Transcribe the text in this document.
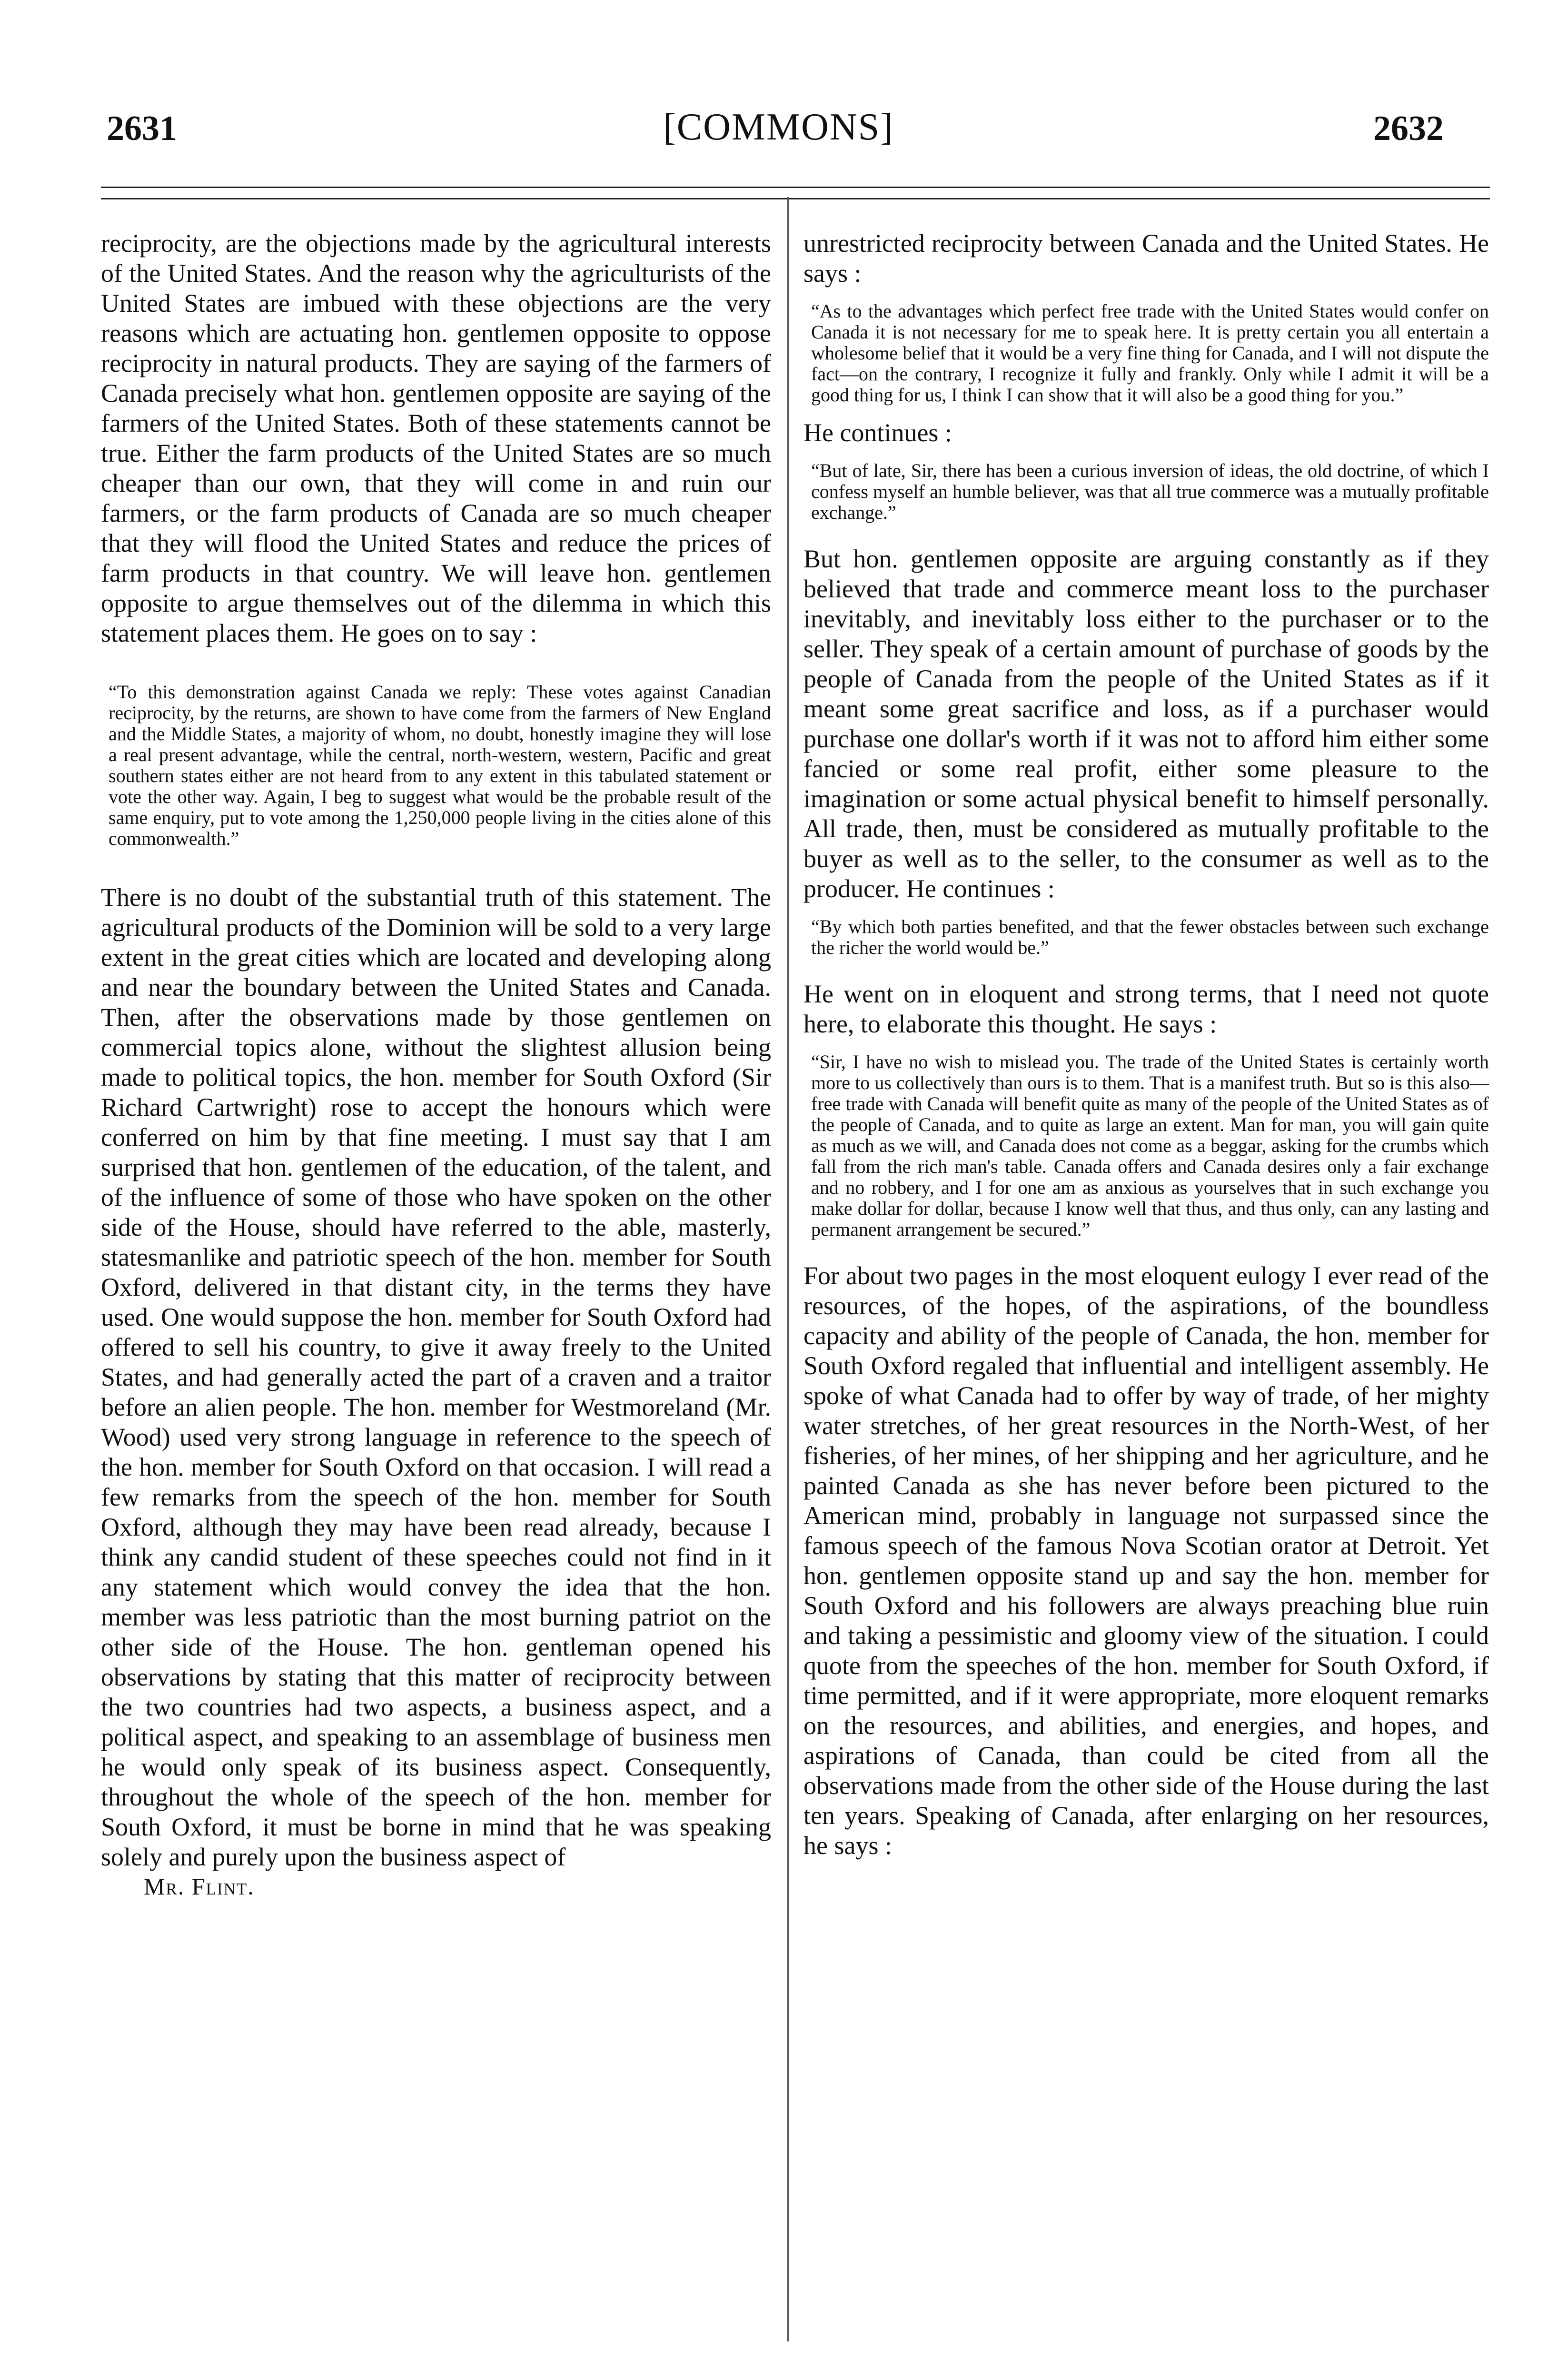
2631	[COMMONS]	2632

reciprocity, are the objections made by the agricultural interests of the United States. And the reason why the agriculturists of the United States are imbued with these objections are the very reasons which are actuating hon. gentlemen opposite to oppose reciprocity in natural products. They are saying of the farmers of Canada precisely what hon. gentlemen opposite are saying of the farmers of the United States. Both of these statements cannot be true. Either the farm products of the United States are so much cheaper than our own, that they will come in and ruin our farmers, or the farm products of Canada are so much cheaper that they will flood the United States and reduce the prices of farm products in that country. We will leave hon. gentlemen opposite to argue themselves out of the dilemma in which this statement places them. He goes on to say :

“To this demonstration against Canada we reply: These votes against Canadian reciprocity, by the returns, are shown to have come from the farmers of New England and the Middle States, a majority of whom, no doubt, honestly imagine they will lose a real present advantage, while the central, north-western, western, Pacific and great southern states either are not heard from to any extent in this tabulated statement or vote the other way. Again, I beg to suggest what would be the probable result of the same enquiry, put to vote among the 1,250,000 people living in the cities alone of this commonwealth.”

There is no doubt of the substantial truth of this statement. The agricultural products of the Dominion will be sold to a very large extent in the great cities which are located and developing along and near the boundary between the United States and Canada. Then, after the observations made by those gentlemen on commercial topics alone, without the slightest allusion being made to political topics, the hon. member for South Oxford (Sir Richard Cartwright) rose to accept the honours which were conferred on him by that fine meeting. I must say that I am surprised that hon. gentlemen of the education, of the talent, and of the influence of some of those who have spoken on the other side of the House, should have referred to the able, masterly, statesmanlike and patriotic speech of the hon. member for South Oxford, delivered in that distant city, in the terms they have used. One would suppose the hon. member for South Oxford had offered to sell his country, to give it away freely to the United States, and had generally acted the part of a craven and a traitor before an alien people. The hon. member for Westmoreland (Mr. Wood) used very strong language in reference to the speech of the hon. member for South Oxford on that occasion. I will read a few remarks from the speech of the hon. member for South Oxford, although they may have been read already, because I think any candid student of these speeches could not find in it any statement which would convey the idea that the hon. member was less patriotic than the most burning patriot on the other side of the House. The hon. gentleman opened his observations by stating that this matter of reciprocity between the two countries had two aspects, a business aspect, and a political aspect, and speaking to an assemblage of business men he would only speak of its business aspect. Consequently, throughout the whole of the speech of the hon. member for South Oxford, it must be borne in mind that he was speaking solely and purely upon the business aspect of

Mr. Flint.

unrestricted reciprocity between Canada and the United States. He says :

“As to the advantages which perfect free trade with the United States would confer on Canada it is not necessary for me to speak here. It is pretty certain you all entertain a wholesome belief that it would be a very fine thing for Canada, and I will not dispute the fact—on the contrary, I recognize it fully and frankly. Only while I admit it will be a good thing for us, I think I can show that it will also be a good thing for you.”

He continues :

“But of late, Sir, there has been a curious inversion of ideas, the old doctrine, of which I confess myself an humble believer, was that all true commerce was a mutually profitable exchange.”

But hon. gentlemen opposite are arguing constantly as if they believed that trade and commerce meant loss to the purchaser inevitably, and inevitably loss either to the purchaser or to the seller. They speak of a certain amount of purchase of goods by the people of Canada from the people of the United States as if it meant some great sacrifice and loss, as if a purchaser would purchase one dollar's worth if it was not to afford him either some fancied or some real profit, either some pleasure to the imagination or some actual physical benefit to himself personally. All trade, then, must be considered as mutually profitable to the buyer as well as to the seller, to the consumer as well as to the producer. He continues :

“By which both parties benefited, and that the fewer obstacles between such exchange the richer the world would be.”

He went on in eloquent and strong terms, that I need not quote here, to elaborate this thought. He says :

“Sir, I have no wish to mislead you. The trade of the United States is certainly worth more to us collectively than ours is to them. That is a manifest truth. But so is this also—free trade with Canada will benefit quite as many of the people of the United States as of the people of Canada, and to quite as large an extent. Man for man, you will gain quite as much as we will, and Canada does not come as a beggar, asking for the crumbs which fall from the rich man's table. Canada offers and Canada desires only a fair exchange and no robbery, and I for one am as anxious as yourselves that in such exchange you make dollar for dollar, because I know well that thus, and thus only, can any lasting and permanent arrangement be secured.”

For about two pages in the most eloquent eulogy I ever read of the resources, of the hopes, of the aspirations, of the boundless capacity and ability of the people of Canada, the hon. member for South Oxford regaled that influential and intelligent assembly. He spoke of what Canada had to offer by way of trade, of her mighty water stretches, of her great resources in the North-West, of her fisheries, of her mines, of her shipping and her agriculture, and he painted Canada as she has never before been pictured to the American mind, probably in language not surpassed since the famous speech of the famous Nova Scotian orator at Detroit. Yet hon. gentlemen opposite stand up and say the hon. member for South Oxford and his followers are always preaching blue ruin and taking a pessimistic and gloomy view of the situation. I could quote from the speeches of the hon. member for South Oxford, if time permitted, and if it were appropriate, more eloquent remarks on the resources, and abilities, and energies, and hopes, and aspirations of Canada, than could be cited from all the observations made from the other side of the House during the last ten years. Speaking of Canada, after enlarging on her resources, he says :
